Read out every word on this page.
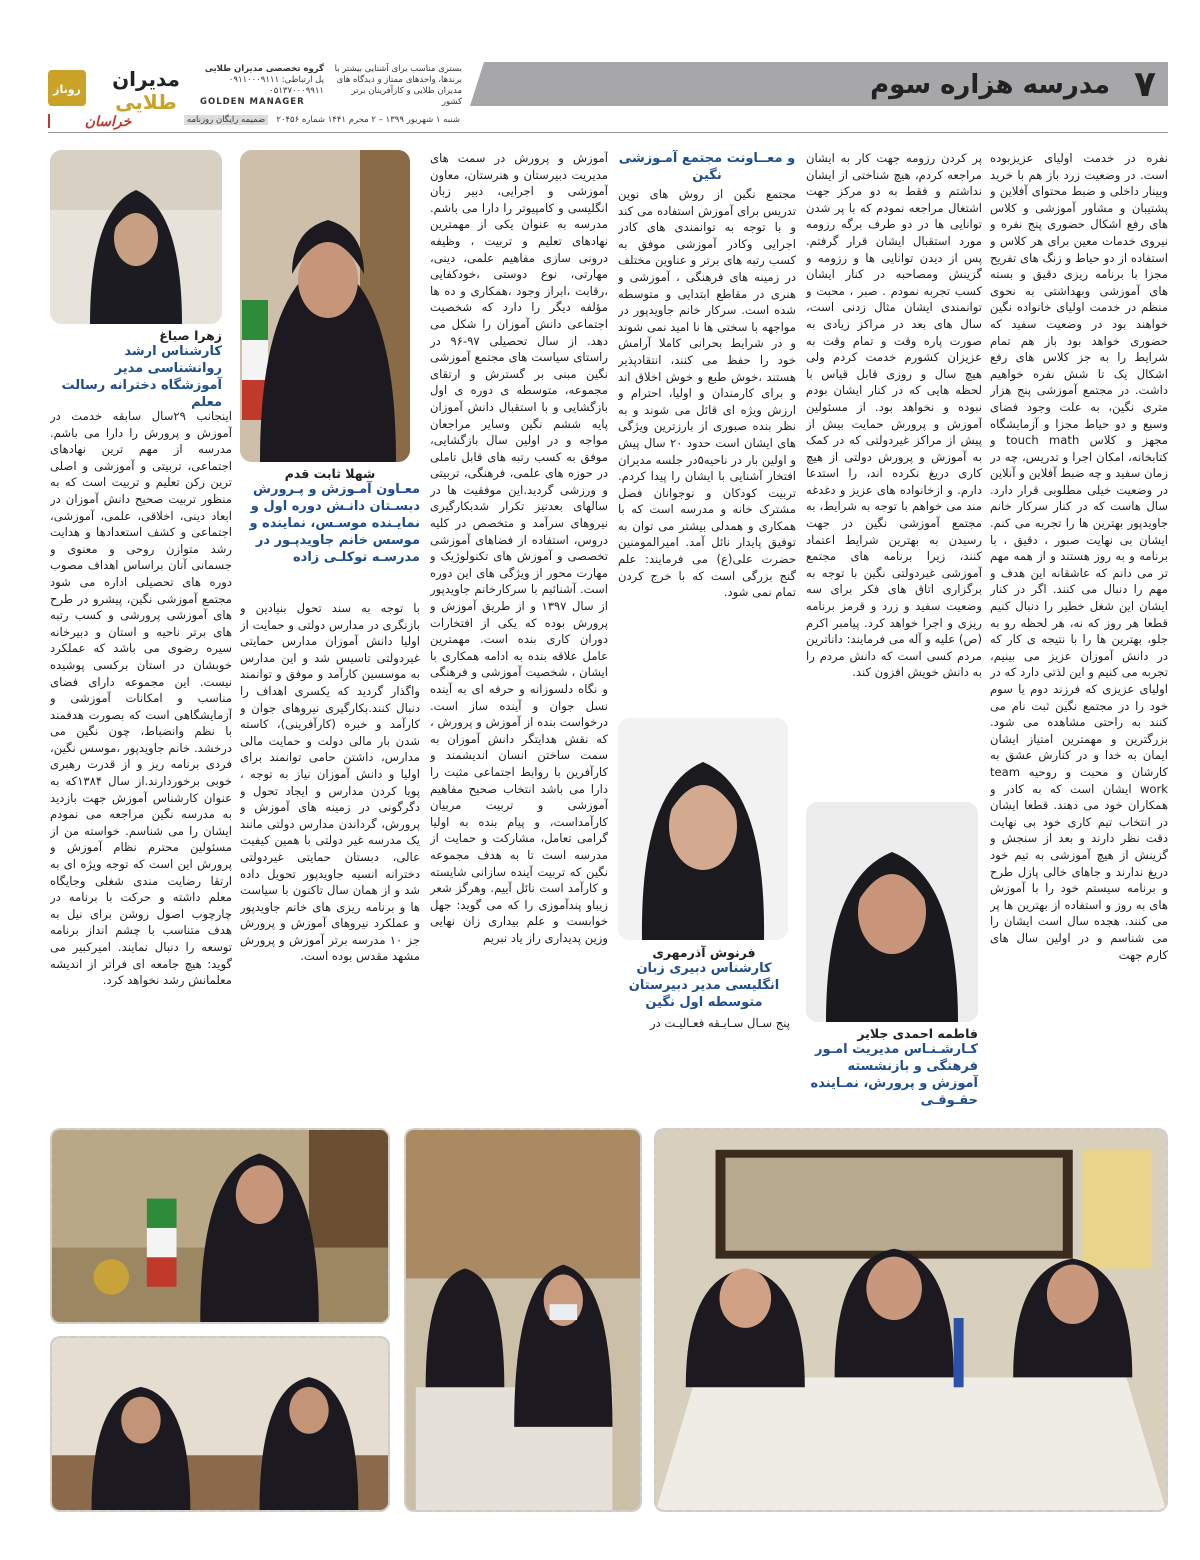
مدرسه هزاره سوم ۷
روناز مدیران
طلایی
بستری مناسب برای آشنایی بیشتر با
برندها، واحدهای ممتاز و دیدگاه های
مدیران طلایی و کارآفرینان برتر کشور
گروه تخصصی مدیران طلایی
پل ارتباطی: ۰۹۱۱۰۰۰۹۱۱۱
۰۵۱۳۷۰۰۰۹۹۱۱
GOLDEN MANAGER
شنبه ۱ شهریور ۱۳۹۹ – ۲ محرم ۱۴۴۱ شماره ۲۰۴۵۶   ضمیمه رایگان روزنامه
خراسان

نفره در خدمت اولیای عزیزبوده است. در وضعیت زرد باز هم با خرید وبینار داخلی و ضبط محتوای آفلاین و پشتیبان و مشاور آموزشی و کلاس های رفع اشکال حضوری پنج نفره و نیروی خدمات معین برای هر کلاس و استفاده از دو حیاط و زنگ های تفریح مجزا با برنامه ریزی دقیق و بسته های آموزشی وبهداشتی به نحوی منظم در خدمت اولیای خانواده نگین خواهند بود در وضعیت سفید که حضوری خواهد بود باز هم تمام شرایط را به جز کلاس های رفع اشکال یک تا شش نفره خواهیم داشت. در مجتمع آموزشی پنج هزار متری نگین، به علت وجود فضای وسیع و دو حیاط مجزا و آزمایشگاه مجهز و کلاس touch math و کتابخانه، امکان اجرا و تدریس، چه در زمان سفید و چه ضبط آفلاین و آنلاین در وضعیت خیلی مطلوبی قرار دارد. سال هاست که در کنار سرکار خانم جاویدپور بهترین ها را تجربه می کنم. ایشان بی نهایت صبور ، دقیق ، با برنامه و به روز هستند و از همه مهم تر می دانم که عاشقانه این هدف و مهم را دنبال می کنند. اگر در کنار ایشان این شغل خطیر را دنبال کنیم قطعا هر روز که نه، هر لحظه رو به جلو، بهترین ها را با نتیجه ی کار که در دانش آموزان عزیز می بینیم، تجربه می کنیم و این لذتی دارد که در اولیای عزیزی که فرزند دوم یا سوم خود را در مجتمع نگین ثبت نام می کنند به راحتی مشاهده می شود. بزرگترین و مهمترین امتیاز ایشان ایمان به خدا و در کنارش عشق به کارشان و محبت و روحیه team work ایشان است که به کادر و همکاران خود می دهند. قطعا ایشان در انتخاب تیم کاری خود بی نهایت دقت نظر دارند و بعد از سنجش و گزینش از هیچ آموزشی به تیم خود دریغ ندارند و جاهای خالی پازل طرح و برنامه سیستم خود را با آموزش های به روز و استفاده از بهترین ها پر می کنند. هجده سال است ایشان را می شناسم و در اولین سال های کارم جهت

پر کردن رزومه جهت کار به ایشان مراجعه کردم، هیچ شناختی از ایشان نداشتم و فقط به دو مرکز جهت اشتغال مراجعه نمودم که با پر شدن توانایی ها در دو طرف برگه رزومه مورد استقبال ایشان قرار گرفتم. پس از دیدن توانایی ها و رزومه و گزینش ومصاحبه در کنار ایشان کسب تجربه نمودم . صبر ، محبت و توانمندی ایشان مثال زدنی است، سال های بعد در مراکز زیادی به صورت پاره وقت و تمام وقت به عزیزان کشورم خدمت کردم ولی هیچ سال و روزی قابل قیاس با لحظه هایی که در کنار ایشان بودم نبوده و نخواهد بود. از مسئولین آموزش و پرورش حمایت بیش از پیش از مراکز غیردولتی که در کمک به آموزش و پرورش دولتی از هیچ کاری دریغ نکرده اند، را استدعا دارم. و ازخانواده های عزیز و دغدغه مند می خواهم با توجه به شرایط، به مجتمع آموزشی نگین در جهت رسیدن به بهترین شرایط اعتماد کنند، زیرا برنامه های مجتمع آموزشی غیردولتی نگین با توجه به برگزاری اتاق های فکر برای سه وضعیت سفید و زرد و قرمز برنامه ریزی و اجرا خواهد کرد. پیامبر اکرم (ص) علیه و آله می فرمایند: داناترین مردم کسی است که دانش مردم را به دانش خویش افزون کند.

و معــاونت مجتمع آمـوزشی نگین

مجتمع نگین از روش های نوین تدریس برای آموزش استفاده می کند و با توجه به توانمندی های کادر اجرایی وکادر آموزشی موفق به کسب رتبه های برتر و عناوین مختلف در زمینه های فرهنگی ، آموزشی و هنری در مقاطع ابتدایی و متوسطه شده است. سرکار خانم جاویدپور در مواجهه با سختی ها نا امید نمی شوند و در شرایط بحرانی کاملا آرامش خود را حفظ می کنند، انتقادپذیر هستند ،خوش طبع و خوش اخلاق اند و برای کارمندان و اولیا، احترام و ارزش ویژه ای قائل می شوند و به نظر بنده صبوری از بارزترین ویژگی های ایشان است حدود ۲۰ سال پیش و اولین بار در ناحیه۵در جلسه مدیران افتخار آشنایی با ایشان را پیدا کردم. تربیت کودکان و نوجوانان فصل مشترک خانه و مدرسه است که با همکاری و همدلی بیشتر می توان به توفیق پایدار نائل آمد. امیرالمومنین حضرت علی(ع) می فرمایند: علم گنج بزرگی است که با خرج کردن تمام نمی شود.

آموزش و پرورش در سمت های مدیریت دبیرستان و هنرستان، معاون آموزشی و اجرایی، دبیر زبان انگلیسی و کامپیوتر را دارا می باشم. مدرسه به عنوان یکی از مهمترین نهادهای تعلیم و تربیت ، وظیفه درونی سازی مفاهیم علمی، دینی، مهارتی، نوع دوستی ،خودکفایی ،رقابت ،ابراز وجود ،همکاری و ده ها مؤلفه دیگر را دارد که شخصیت اجتماعی دانش آموزان را شکل می دهد. از سال تحصیلی ۹۷-۹۶ در راستای سیاست های مجتمع آموزشی نگین مبنی بر گسترش و ارتقای مجموعه، متوسطه ی دوره ی اول بازگشایی و با استقبال دانش آموزان پایه ششم نگین وسایر مراجعان مواجه و در اولین سال بازگشایی، موفق به کسب رتبه های قابل تاملی در حوزه های علمی، فرهنگی، تربیتی و ورزشی گردید.این موفقیت ها در سالهای بعدنیز تکرار شدبکارگیری نیروهای سرآمد و متخصص در کلیه دروس، استفاده از فضاهای آموزشی تخصصی و آموزش های تکنولوژیک و مهارت محور از ویژگی های این دوره است. آشنائیم با سرکارخانم جاویدپور از سال ۱۳۹۷ و از طریق آموزش و پرورش بوده که یکی از افتخارات دوران کاری بنده است. مهمترین عامل علاقه بنده به ادامه همکاری با ایشان ، شخصیت آموزشی و فرهنگی و نگاه دلسوزانه و حرفه ای به آینده نسل جوان و آینده ساز است. درخواست بنده از آموزش و پرورش ، که نقش هدایتگر دانش آموزان به سمت ساختن انسان اندیشمند و کارآفرین با روابط اجتماعی مثبت را دارا می باشد انتخاب صحیح مفاهیم آموزشی و تربیت مربیان کارآمداست، و پیام بنده به اولیا گرامی تعامل، مشارکت و حمایت از مدرسه است تا به هدف مجموعه نگین که تربیت آینده سازانی شایسته و کارآمد است نائل آییم. وهرگز شعر زیباو پندآموزی را که می گوید: جهل خوابست و علم بیداری زان نهایی وزین پدیداری راز یاد نبریم

با توجه به سند تحول بنیادین و بازنگری در مدارس دولتی و حمایت از اولیا دانش آموزان مدارس حمایتی غیردولتی تاسیس شد و این مدارس به موسسین کارآمد و موفق و توانمند واگذار گردید که یکسری اهداف را دنبال کنند.بکارگیری نیروهای جوان و کارآمد و خبره (کارآفرینی)، کاسته شدن بار مالی دولت و حمایت مالی مدارس، داشتن حامی توانمند برای اولیا و دانش آموزان نیاز به توجه ، پویا کردن مدارس و ایجاد تحول و دگرگونی در زمینه های آموزش و پرورش، گرداندن مدارس دولتی مانند یک مدرسه غیر دولتی با همین کیفیت عالی، دبستان حمایتی غیردولتی دخترانه انسیه جاویدپور تحویل داده شد و از همان سال تاکنون با سیاست ها و برنامه ریزی های خانم جاویدپور و عملکرد نیروهای آموزش و پرورش جز ۱۰ مدرسه برتر آموزش و پرورش مشهد مقدس بوده است.

اینجانب ۲۹سال سابقه خدمت در آموزش و پرورش را دارا می باشم. مدرسه از مهم ترین نهادهای اجتماعی، تربیتی و آموزشی و اصلی ترین رکن تعلیم و تربیت است که به منظور تربیت صحیح دانش آموزان در ابعاد دینی، اخلاقی، علمی، آموزشی، اجتماعی و کشف استعدادها و هدایت رشد متوازن روحی و معنوی و جسمانی آنان براساس اهداف مصوب دوره های تحصیلی اداره می شود مجتمع آموزشی نگین، پیشرو در طرح های آموزشی پرورشی و کسب رتبه های برتر ناحیه و استان و دبیرخانه سیره رضوی می باشد که عملکرد خوبشان در استان برکسی پوشیده نیست. این مجموعه دارای فضای مناسب و امکانات آموزشی و آزمایشگاهی است که بصورت هدفمند با نظم وانضباط، چون نگین می درخشد. خانم جاویدپور ،موسس نگین، فردی برنامه ریز و از قدرت رهبری خوبی برخوردارند.از سال ۱۳۸۴که به عنوان کارشناس آموزش جهت بازدید به مدرسه نگین مراجعه می نمودم ایشان را می شناسم. خواسته من از مسئولین محترم نظام آموزش و پرورش این است که توجه ویژه ای به ارتقا رضایت مندی شغلی وجایگاه معلم داشته و حرکت با برنامه در چارچوب اصول روشن برای نیل به هدف متناسب با چشم انداز برنامه توسعه را دنبال نمایند. امیرکبیر می گوید: هیچ جامعه ای فراتر از اندیشه معلمانش رشد نخواهد کرد.

زهرا صباغ
کارشناس ارشد روانشناسی مدیر آموزشگاه دخترانه رسالت معلم
شهلا ثابت قدم
معـاون آمـوزش و پـرورش دبسـتان دانـش دوره اول و نمایـنده موسـس، نماینده و موسس خانم جاویدپـور در مدرسـه توکلـی زاده
فرنوش آذرمهری
کارشناس دبیری زبان انگلیسی مدیر دبیرستان متوسطه اول نگین
پنج سـال سـابـقه فعـالیـت در
فاطمه احمدی جلایر
کـارشـنـاس مدیریت امـور فرهنگی و بازنشسته آموزش و پرورش، نمـاینده حقـوقـی
